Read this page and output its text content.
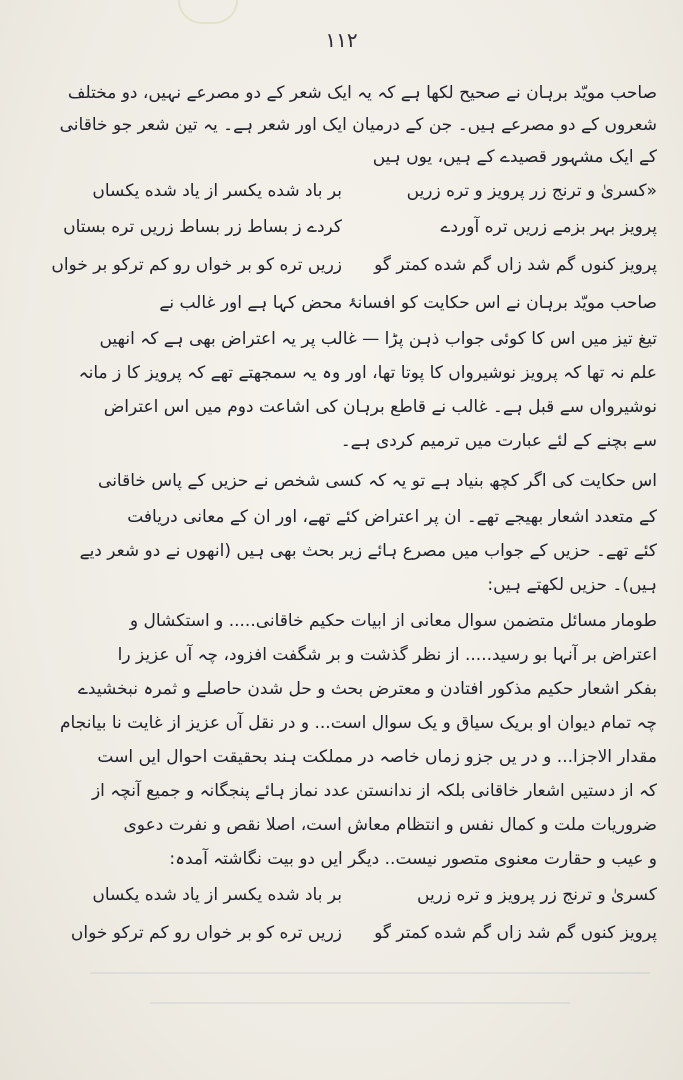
١١٢
صاحب مویّد برہان نے صحیح لکھا ہے کہ یہ ایک شعر کے دو مصرعے نہیں، دو مختلف
شعروں کے دو مصرعے ہیں۔ جن کے درمیان ایک اور شعر ہے۔ یہ تین شعر جو خاقانی
کے ایک مشہور قصیدے کے ہیں، یوں ہیں
«کسریٰ و ترنج زر پرویز و تره زریں
بر باد شده یکسر از یاد شده یکساں
پرویز بہر بزمے زریں تره آوردے
کردے ز بساط زر بساط زریں تره بستاں
پرویز کنوں گم شد زاں گم شده کمتر گو
زریں تره کو بر خواں رو کم ترکو بر خواں
صاحب مویّد برہان نے اس حکایت کو افسانۂ محض کہا ہے اور غالب نے
تیغ تیز میں اس کا کوئی جواب ذہن پڑا — غالب پر یہ اعتراض بھی ہے کہ انھیں
علم نہ تھا کہ پرویز نوشیرواں کا پوتا تھا، اور وہ یہ سمجھتے تھے کہ پرویز کا ز مانہ
نوشیرواں سے قبل ہے۔ غالب نے قاطع برہان کی اشاعت دوم میں اس اعتراض
سے بچنے کے لئے عبارت میں ترمیم کردی ہے۔
اس حکایت کی اگر کچھ بنیاد ہے تو یہ کہ کسی شخص نے حزیں کے پاس خاقانی
کے متعدد اشعار بھیجے تھے۔ ان پر اعتراض کئے تھے، اور ان کے معانی دریافت
کئے تھے۔ حزیں کے جواب میں مصرع ہائے زیر بحث بھی ہیں (انھوں نے دو شعر دیے
ہیں)۔ حزیں لکھتے ہیں:
طومار مسائل متضمن سوال معانی از ابیات حکیم خاقانی..... و استکشال و
اعتراض بر آنہا بو رسید..... از نظر گذشت و بر شگفت افزود، چہ آں عزیز را
بفکر اشعار حکیم مذکور افتادن و معترض بحث و حل شدن حاصلے و ثمرہ نبخشیدے
چہ تمام دیوان او بریک سیاق و یک سوال است... و در نقل آں عزیز از غایت نا بیانجام
مقدار الاجزا... و در یں جزو زماں خاصہ در مملکت ہند بحقیقت احوال ایں است
کہ از دستیں اشعار خاقانی بلکہ از ندانستن عدد نماز ہائے پنجگانہ و جمیع آنچہ از
ضروریات ملت و کمال نفس و انتظام معاش است، اصلا نقص و نفرت دعوی
و عیب و حقارت معنوی متصور نیست.. دیگر ایں دو بیت نگاشتہ آمدہ:
کسریٰ و ترنج زر پرویز و تره زریں
بر باد شده یکسر از یاد شده یکساں
پرویز کنوں گم شد زاں گم شده کمتر گو
زریں تره کو بر خواں رو کم ترکو خواں
